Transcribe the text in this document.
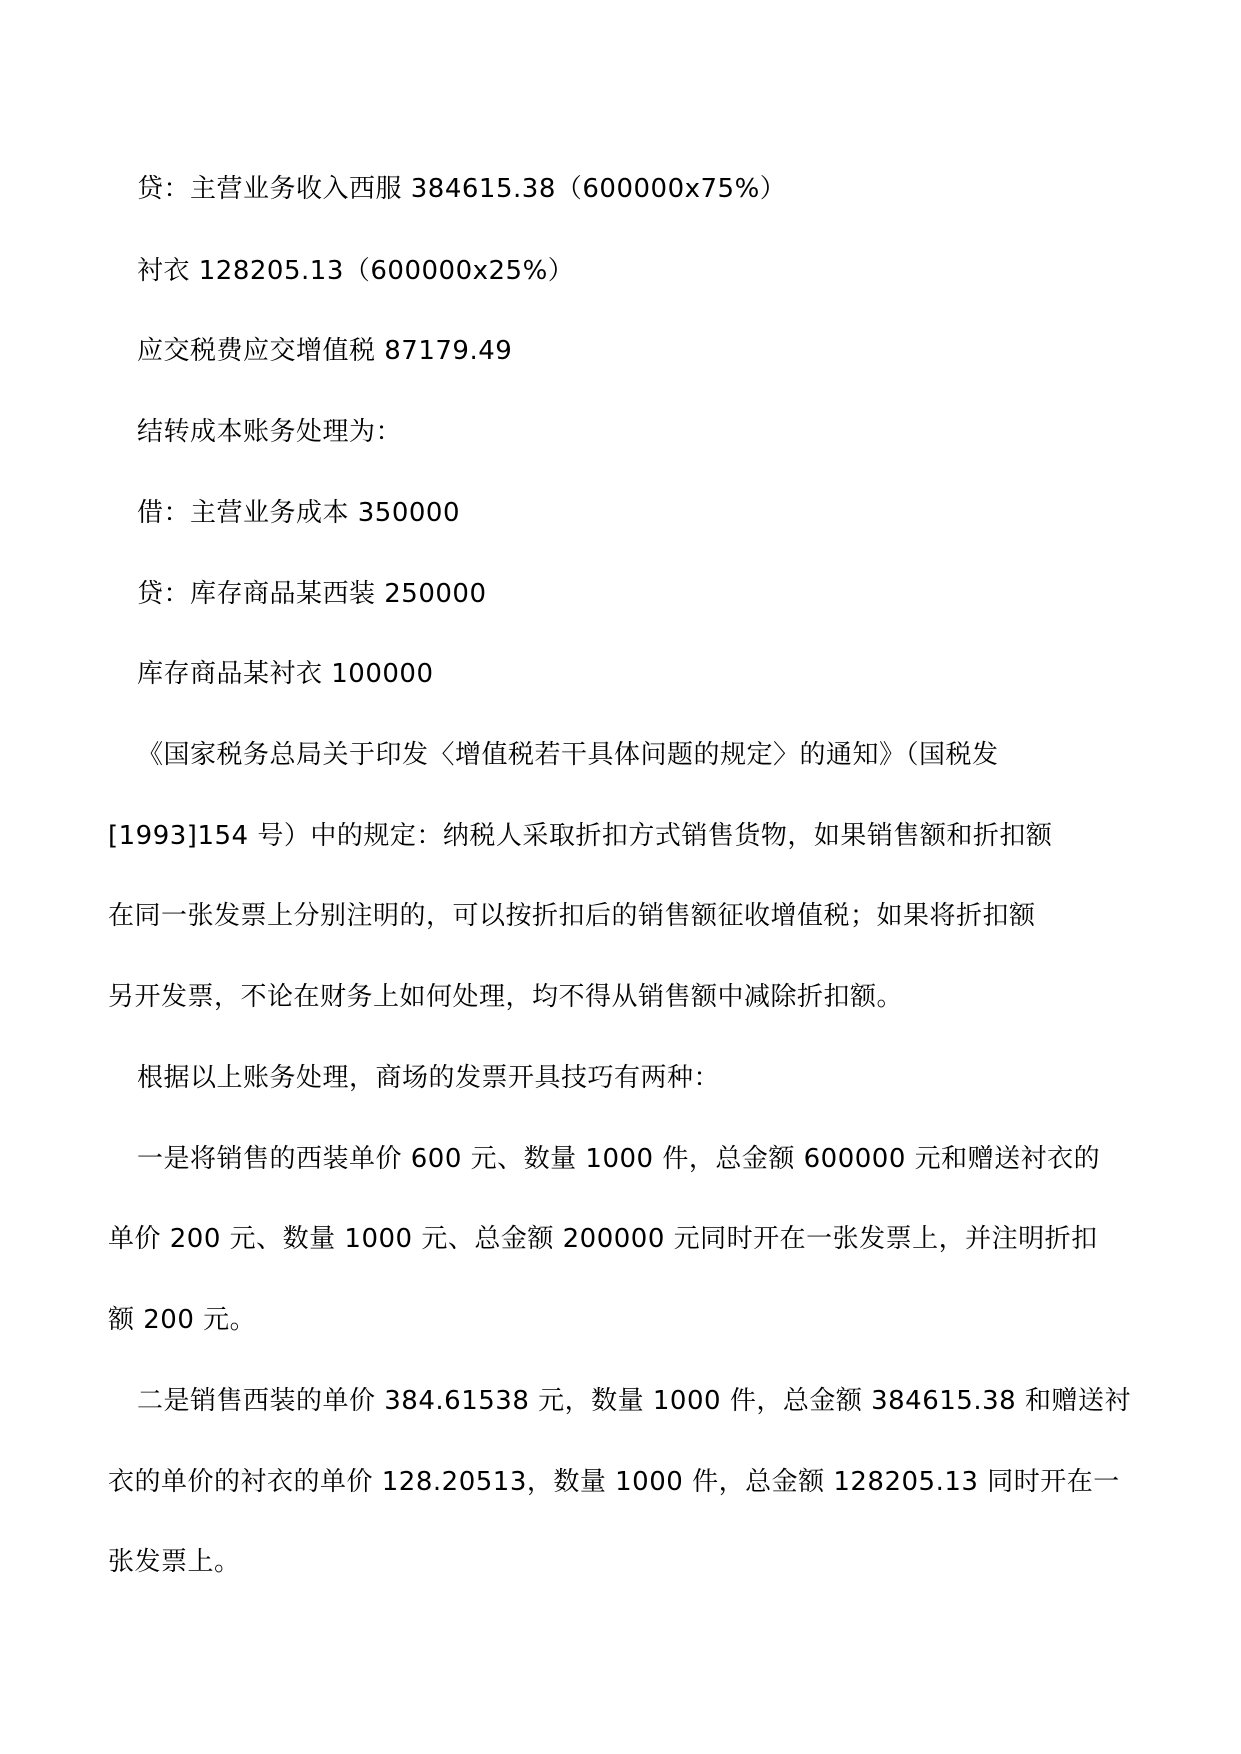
贷：主营业务收入西服 384615.38（600000x75%）
衬衣 128205.13（600000x25%）
应交税费应交增值税 87179.49
结转成本账务处理为：
借：主营业务成本 350000
贷：库存商品某西装 250000
库存商品某衬衣 100000
《国家税务总局关于印发〈增值税若干具体问题的规定〉的通知》（国税发
[1993]154 号）中的规定：纳税人采取折扣方式销售货物，如果销售额和折扣额
在同一张发票上分别注明的，可以按折扣后的销售额征收增值税；如果将折扣额
另开发票，不论在财务上如何处理，均不得从销售额中减除折扣额。
根据以上账务处理，商场的发票开具技巧有两种：
一是将销售的西装单价 600 元、数量 1000 件，总金额 600000 元和赠送衬衣的
单价 200 元、数量 1000 元、总金额 200000 元同时开在一张发票上，并注明折扣
额 200 元。
二是销售西装的单价 384.61538 元，数量 1000 件，总金额 384615.38 和赠送衬
衣的单价的衬衣的单价 128.20513，数量 1000 件，总金额 128205.13 同时开在一
张发票上。
